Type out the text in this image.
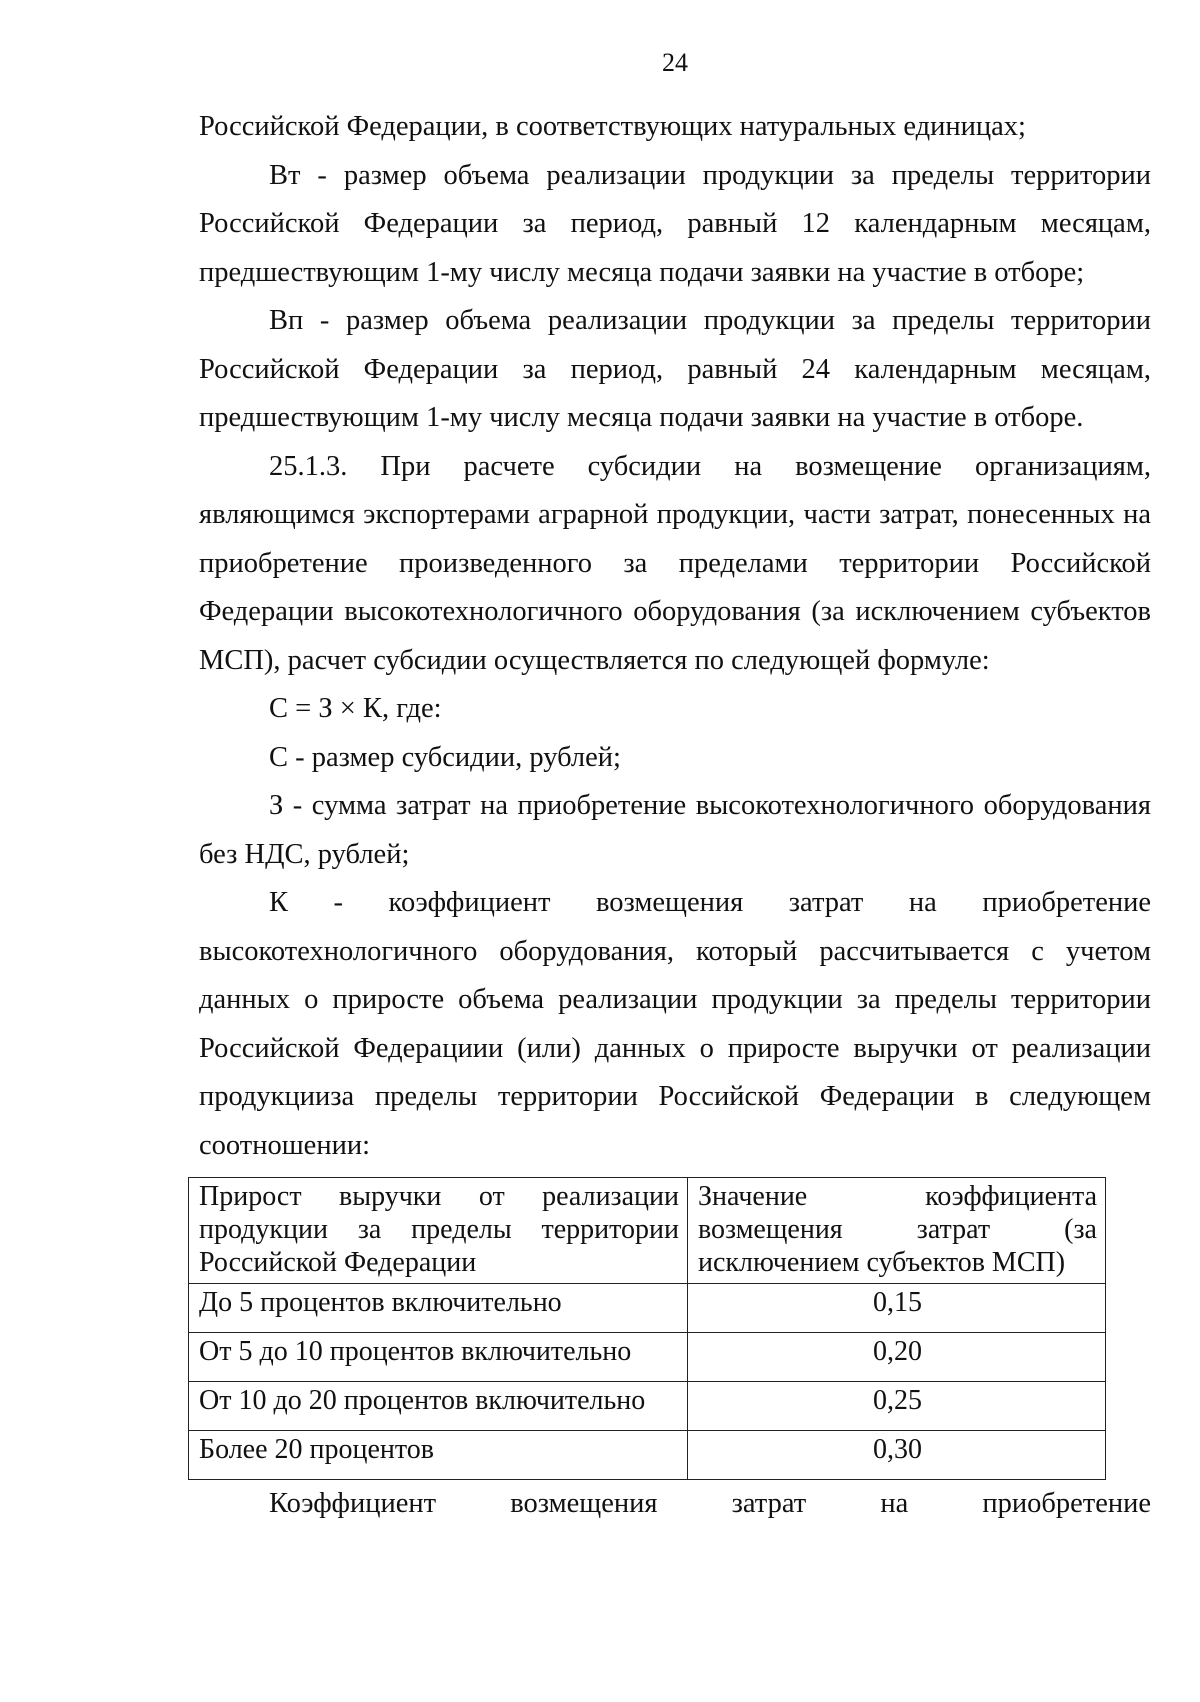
24

Российской Федерации, в соответствующих натуральных единицах;

Вт - размер объема реализации продукции за пределы территории Российской Федерации за период, равный 12 календарным месяцам, предшествующим 1-му числу месяца подачи заявки на участие в отборе;

Вп - размер объема реализации продукции за пределы территории Российской Федерации за период, равный 24 календарным месяцам, предшествующим 1-му числу месяца подачи заявки на участие в отборе.

25.1.3. При расчете субсидии на возмещение организациям, являющимся экспортерами аграрной продукции, части затрат, понесенных на приобретение произведенного за пределами территории Российской Федерации высокотехнологичного оборудования (за исключением субъектов МСП), расчет субсидии осуществляется по следующей формуле:

С = З × К, где:

С - размер субсидии, рублей;

З - сумма затрат на приобретение высокотехнологичного оборудования без НДС, рублей;

К - коэффициент возмещения затрат на приобретение высокотехнологичного оборудования, который рассчитывается с учетом данных о приросте объема реализации продукции за пределы территории Российской Федерациии (или) данных о приросте выручки от реализации продукцииза пределы территории Российской Федерации в следующем соотношении:

Прирост выручки от реализации продукции за пределы территории Российской Федерации	Значение коэффициента возмещения затрат (за исключением субъектов МСП)
До 5 процентов включительно	0,15
От 5 до 10 процентов включительно	0,20
От 10 до 20 процентов включительно	0,25
Более 20 процентов	0,30

Коэффициент возмещения затрат на приобретение
